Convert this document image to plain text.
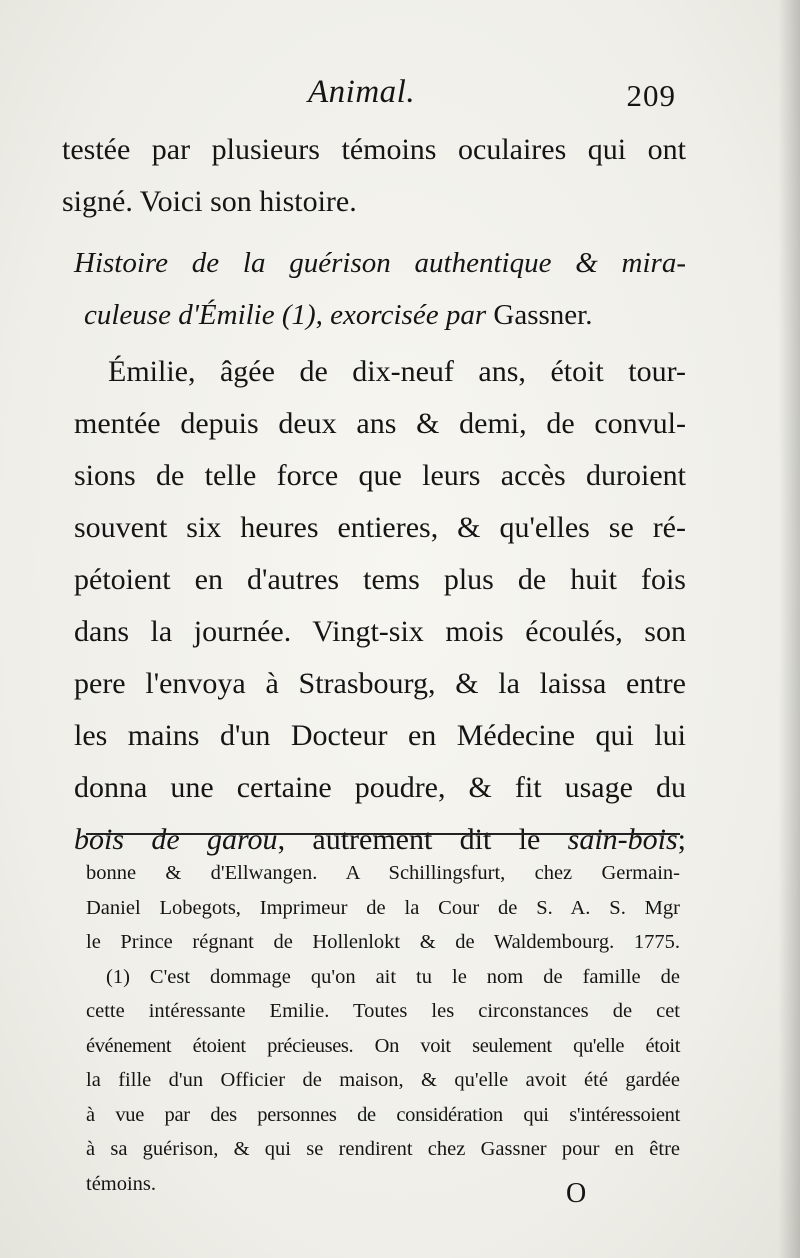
Animal.	209
testée par plusieurs témoins oculaires qui ont
signé. Voici son histoire.
Histoire de la guérison authentique & mira-
culeuse d'Émilie (1), exorcisée par Gassner.
Émilie, âgée de dix-neuf ans, étoit tour-
mentée depuis deux ans & demi, de convul-
sions de telle force que leurs accès duroient
souvent six heures entieres, & qu'elles se ré-
pétoient en d'autres tems plus de huit fois
dans la journée. Vingt-six mois écoulés, son
pere l'envoya à Strasbourg, & la laissa entre
les mains d'un Docteur en Médecine qui lui
donna une certaine poudre, & fit usage du
bois de garou, autrement dit le sain-bois;
bonne & d'Ellwangen. A Schillingsfurt, chez Germain-
Daniel Lobegots, Imprimeur de la Cour de S. A. S. Mgr
le Prince régnant de Hollenlokt & de Waldembourg. 1775.
(1) C'est dommage qu'on ait tu le nom de famille de
cette intéressante Emilie. Toutes les circonstances de cet
événement étoient précieuses. On voit seulement qu'elle étoit
la fille d'un Officier de maison, & qu'elle avoit été gardée
à vue par des personnes de considération qui s'intéressoient
à sa guérison, & qui se rendirent chez Gassner pour en être
témoins.	O
